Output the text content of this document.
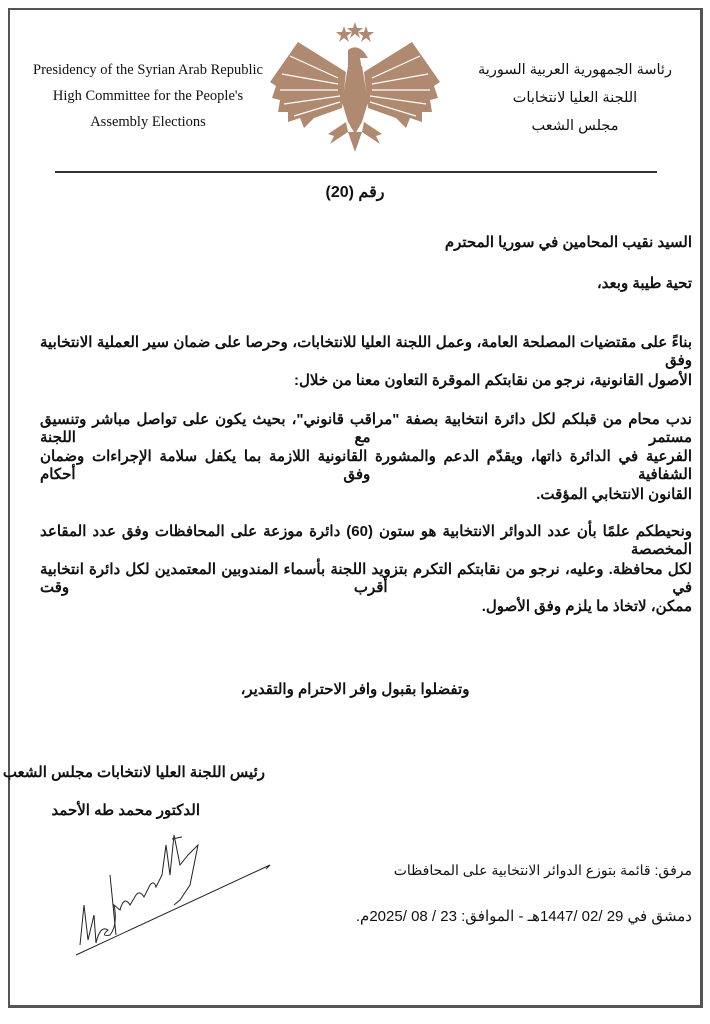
Presidency of the Syrian Arab Republic
High Committee for the People's
Assembly Elections
رئاسة الجمهورية العربية السورية
اللجنة العليا لانتخابات
مجلس الشعب
رقم (20)
السيد نقيب المحامين في سوريا المحترم
تحية طيبة وبعد،
بناءً على مقتضيات المصلحة العامة، وعمل اللجنة العليا للانتخابات، وحرصا على ضمان سير العملية الانتخابية وفق
الأصول القانونية، نرجو من نقابتكم الموقرة التعاون معنا من خلال:
ندب محام من قبلكم لكل دائرة انتخابية بصفة "مراقب قانوني"، بحيث يكون على تواصل مباشر وتنسيق مستمر مع اللجنة
الفرعية في الدائرة ذاتها، ويقدّم الدعم والمشورة القانونية اللازمة بما يكفل سلامة الإجراءات وضمان الشفافية وفق أحكام
القانون الانتخابي المؤقت.
ونحيطكم علمًا بأن عدد الدوائر الانتخابية هو ستون (60) دائرة موزعة على المحافظات وفق عدد المقاعد المخصصة
لكل محافظة. وعليه، نرجو من نقابتكم التكرم بتزويد اللجنة بأسماء المندوبين المعتمدين لكل دائرة انتخابية في أقرب وقت
ممكن، لاتخاذ ما يلزم وفق الأصول.
وتفضلوا بقبول وافر الاحترام والتقدير،
رئيس اللجنة العليا لانتخابات مجلس الشعب
الدكتور محمد طه الأحمد
مرفق: قائمة بتوزع الدوائر الانتخابية على المحافظات
دمشق في 29 /02 /1447هـ - الموافق: 23 / 08 /2025م.
